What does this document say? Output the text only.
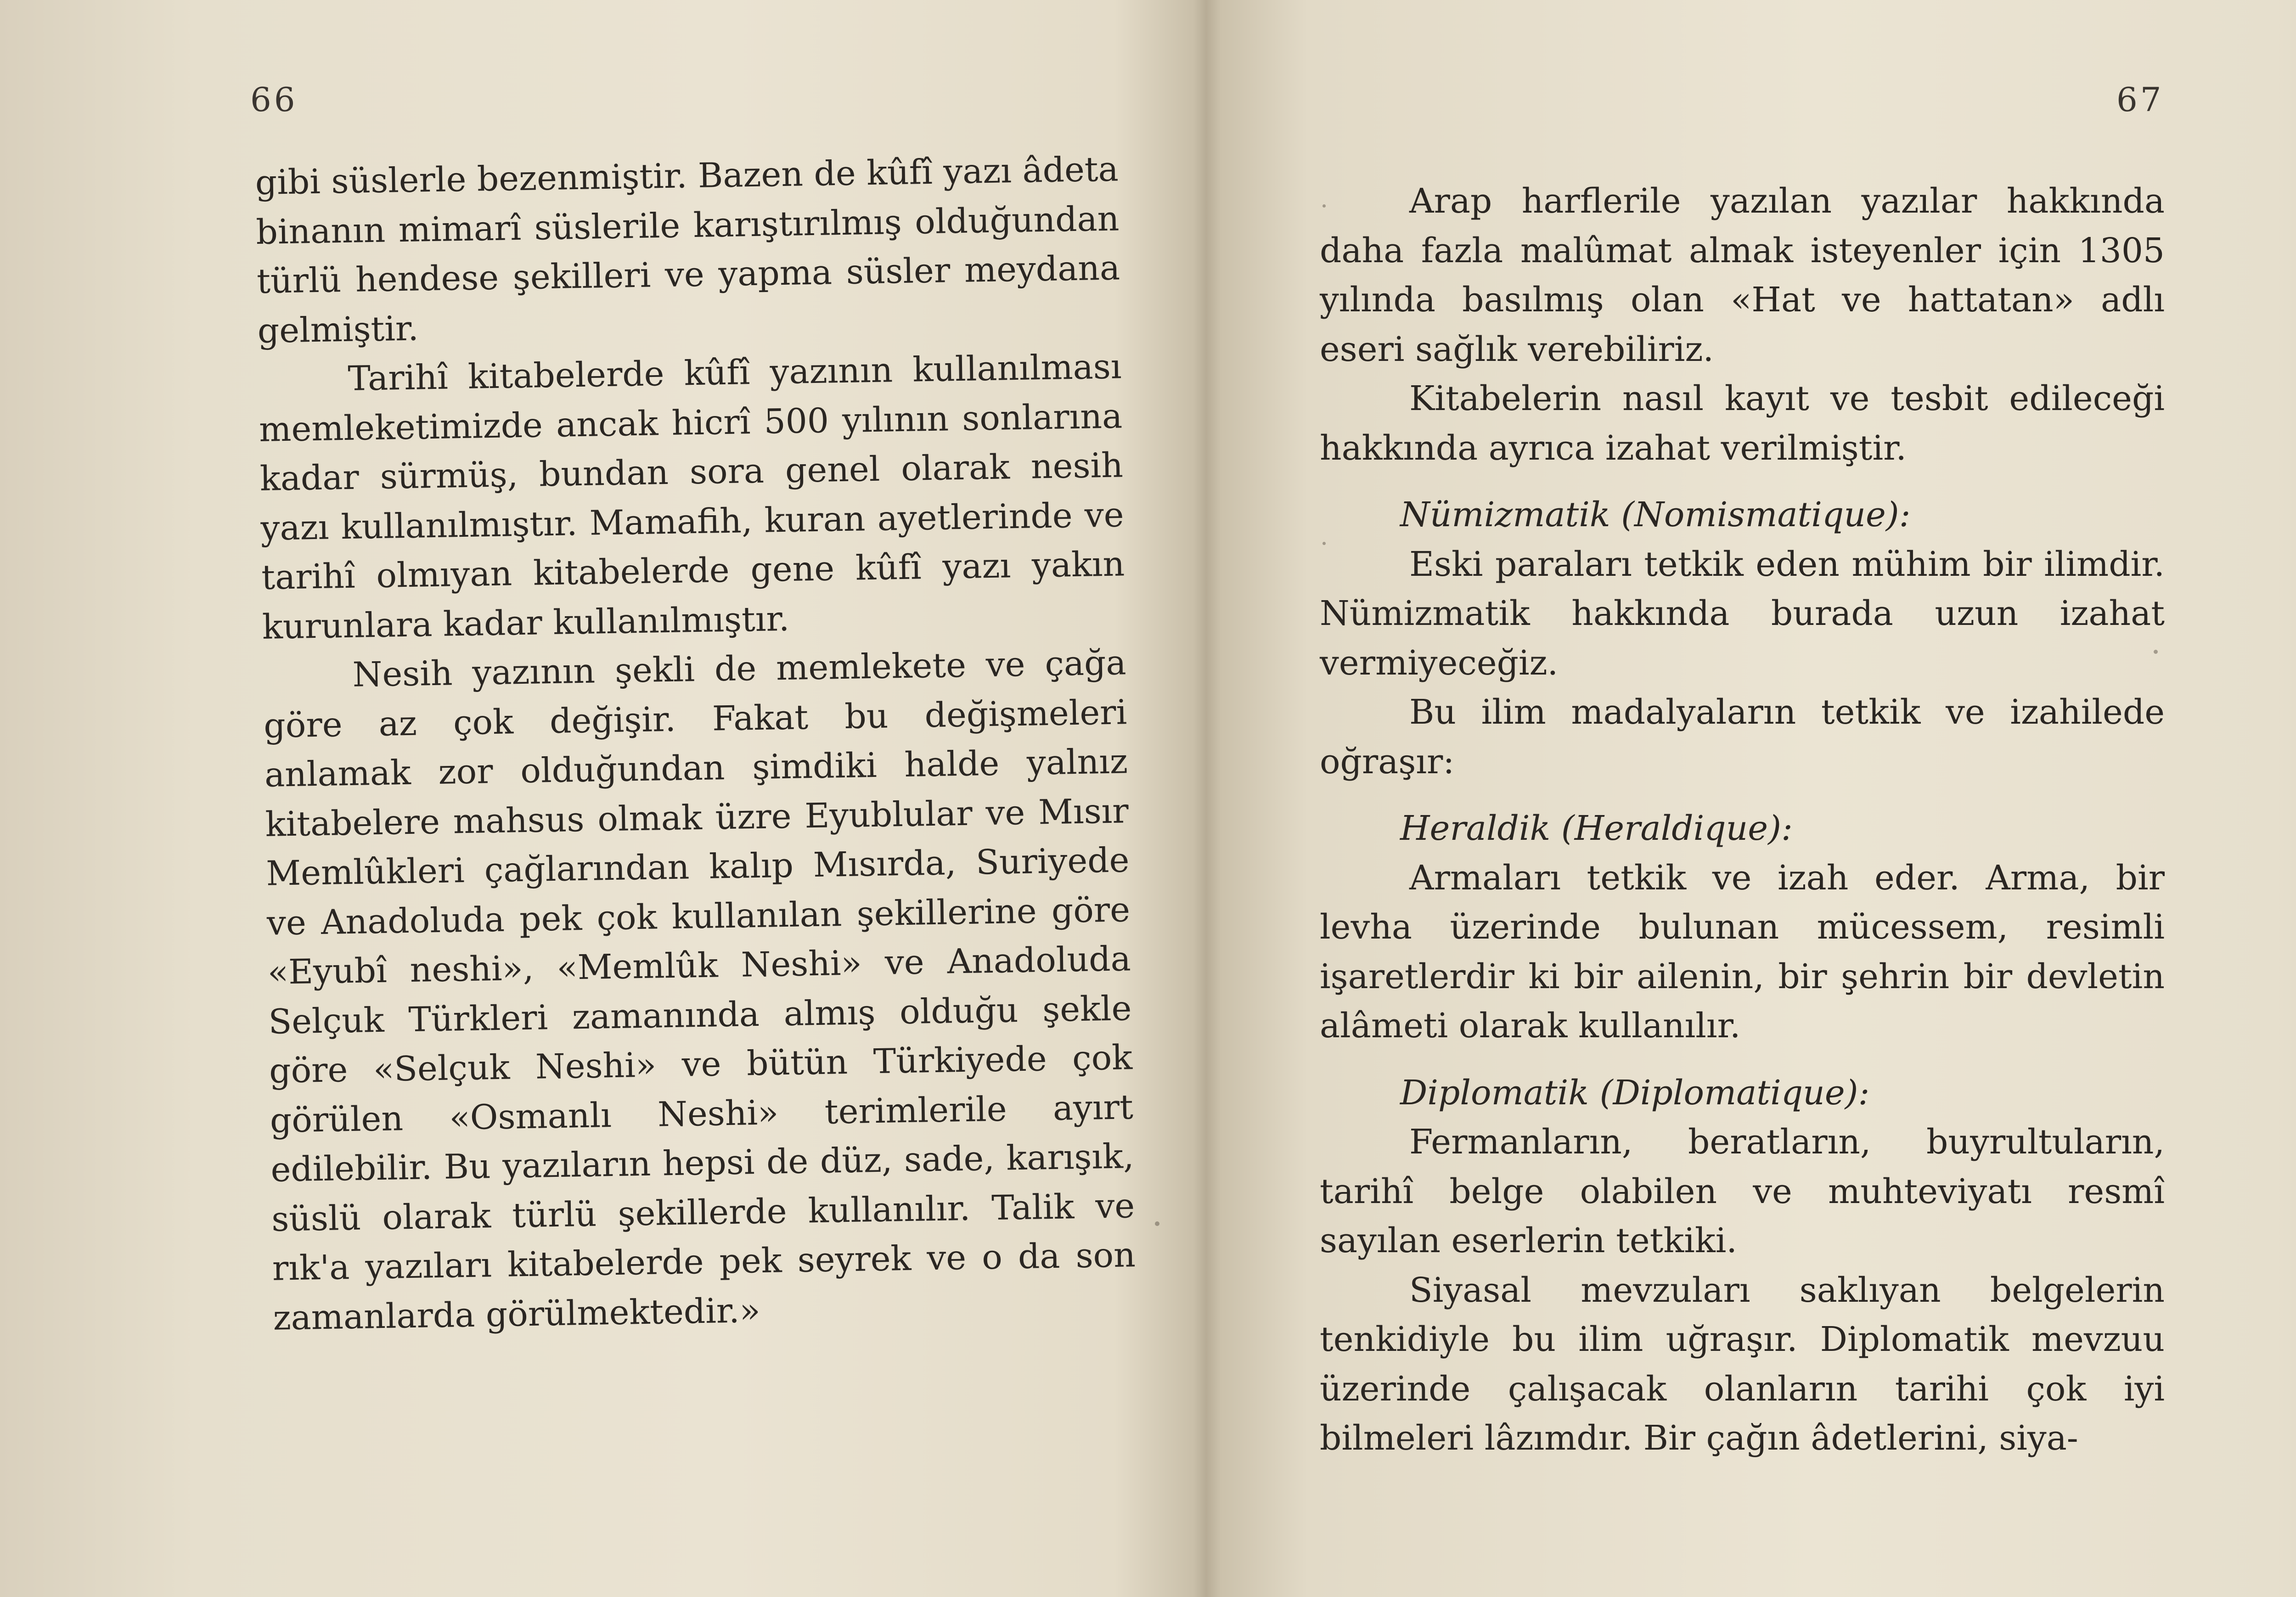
66

gibi süslerle bezenmiştir. Bazen de kûfî yazı âdeta binanın mimarî süslerile karıştırılmış olduğundan türlü hendese şekilleri ve yapma süsler meydana gelmiştir.

Tarihî kitabelerde kûfî yazının kullanılması memleketimizde ancak hicrî 500 yılının sonlarına kadar sürmüş, bundan sora genel olarak nesih yazı kullanılmıştır. Mamafih, kuran ayetlerinde ve tarihî olmıyan kitabelerde gene kûfî yazı yakın kurunlara kadar kullanılmıştır.

Nesih yazının şekli de memlekete ve çağa göre az çok değişir. Fakat bu değişmeleri anlamak zor olduğundan şimdiki halde yalnız kitabelere mahsus olmak üzre Eyublular ve Mısır Memlûkleri çağlarından kalıp Mısırda, Suriyede ve Anadoluda pek çok kullanılan şekillerine göre «Eyubî neshi», «Memlûk Neshi» ve Anadoluda Selçuk Türkleri zamanında almış olduğu şekle göre «Selçuk Neshi» ve bütün Türkiyede çok görülen «Osmanlı Neshi» terimlerile ayırt edilebilir. Bu yazıların hepsi de düz, sade, karışık, süslü olarak türlü şekillerde kullanılır. Talik ve rık'a yazıları kitabelerde pek seyrek ve o da son zamanlarda görülmektedir.»

67

Arap harflerile yazılan yazılar hakkında daha fazla malûmat almak isteyenler için 1305 yılında basılmış olan «Hat ve hattatan» adlı eseri sağlık verebiliriz.

Kitabelerin nasıl kayıt ve tesbit edileceği hakkında ayrıca izahat verilmiştir.

Nümizmatik (Nomismatique):

Eski paraları tetkik eden mühim bir ilimdir. Nümizmatik hakkında burada uzun izahat vermiyeceğiz.

Bu ilim madalyaların tetkik ve izahilede oğraşır:

Heraldik (Heraldique):

Armaları tetkik ve izah eder. Arma, bir levha üzerinde bulunan mücessem, resimli işaretlerdir ki bir ailenin, bir şehrin bir devletin alâmeti olarak kullanılır.

Diplomatik (Diplomatique):

Fermanların, beratların, buyrultuların, tarihî belge olabilen ve muhteviyatı resmî sayılan eserlerin tetkiki.

Siyasal mevzuları saklıyan belgelerin tenkidiyle bu ilim uğraşır. Diplomatik mevzuu üzerinde çalışacak olanların tarihi çok iyi bilmeleri lâzımdır. Bir çağın âdetlerini, siya-
